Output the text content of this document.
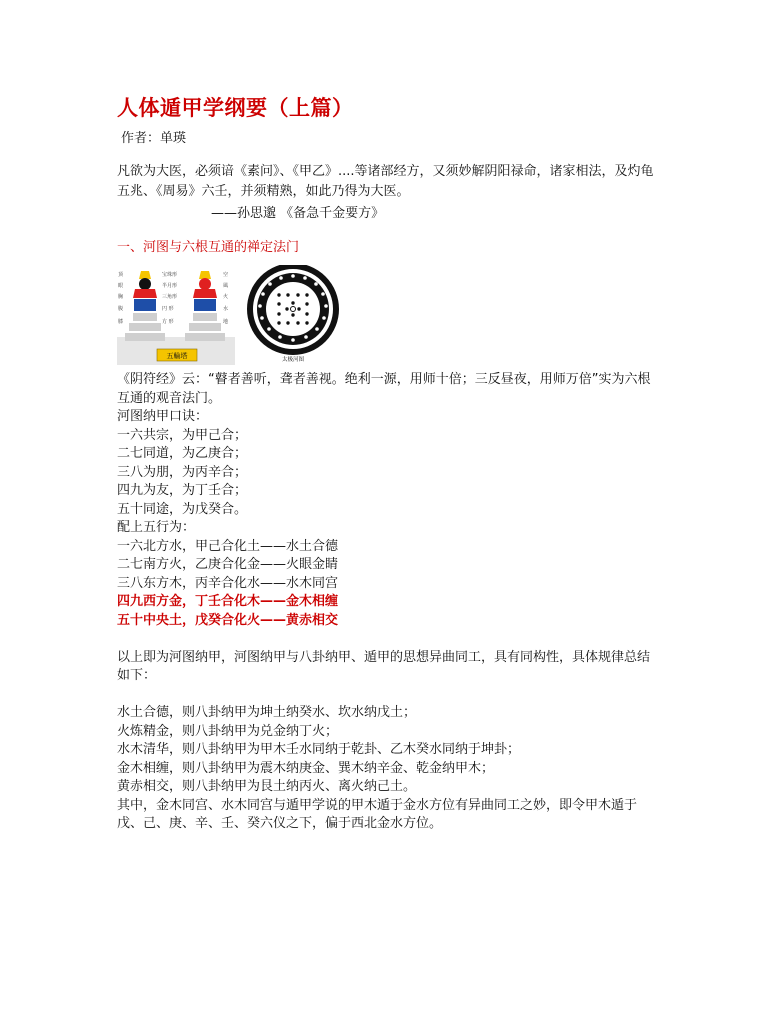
人体遁甲学纲要（上篇）
作者：单瑛
凡欲为大医，必须谙《素问》、《甲乙》....等诸部经方，又须妙解阴阳禄命，诸家相法，及灼龟五兆、《周易》六壬，并须精熟，如此乃得为大医。
——孙思邈 《备急千金要方》
一、河图与六根互通的禅定法门
顶
眼
胸
腹
膝
宝珠形
半月形
三角形
円 形
方 形
空
風
火
水
地
五輪塔	太极河图

《阴符经》云：“瞽者善听，聋者善视。绝利一源，用师十倍；三反昼夜，用师万倍”实为六根互通的观音法门。

河图纳甲口诀：

一六共宗，为甲己合；

二七同道，为乙庚合；

三八为朋，为丙辛合；

四九为友，为丁壬合；

五十同途，为戊癸合。

配上五行为：

一六北方水，甲己合化土——水土合德

二七南方火，乙庚合化金——火眼金睛

三八东方木，丙辛合化水——水木同宫

四九西方金，丁壬合化木——金木相缠

五十中央土，戊癸合化火——黄赤相交

以上即为河图纳甲，河图纳甲与八卦纳甲、遁甲的思想异曲同工，具有同构性，具体规律总结如下：

水土合德，则八卦纳甲为坤土纳癸水、坎水纳戊土；

火炼精金，则八卦纳甲为兑金纳丁火；

水木清华，则八卦纳甲为甲木壬水同纳于乾卦、乙木癸水同纳于坤卦；

金木相缠，则八卦纳甲为震木纳庚金、巽木纳辛金、乾金纳甲木；

黄赤相交，则八卦纳甲为艮土纳丙火、离火纳己土。

其中，金木同宫、水木同宫与遁甲学说的甲木遁于金水方位有异曲同工之妙，即令甲木遁于戊、己、庚、辛、壬、癸六仪之下，偏于西北金水方位。
